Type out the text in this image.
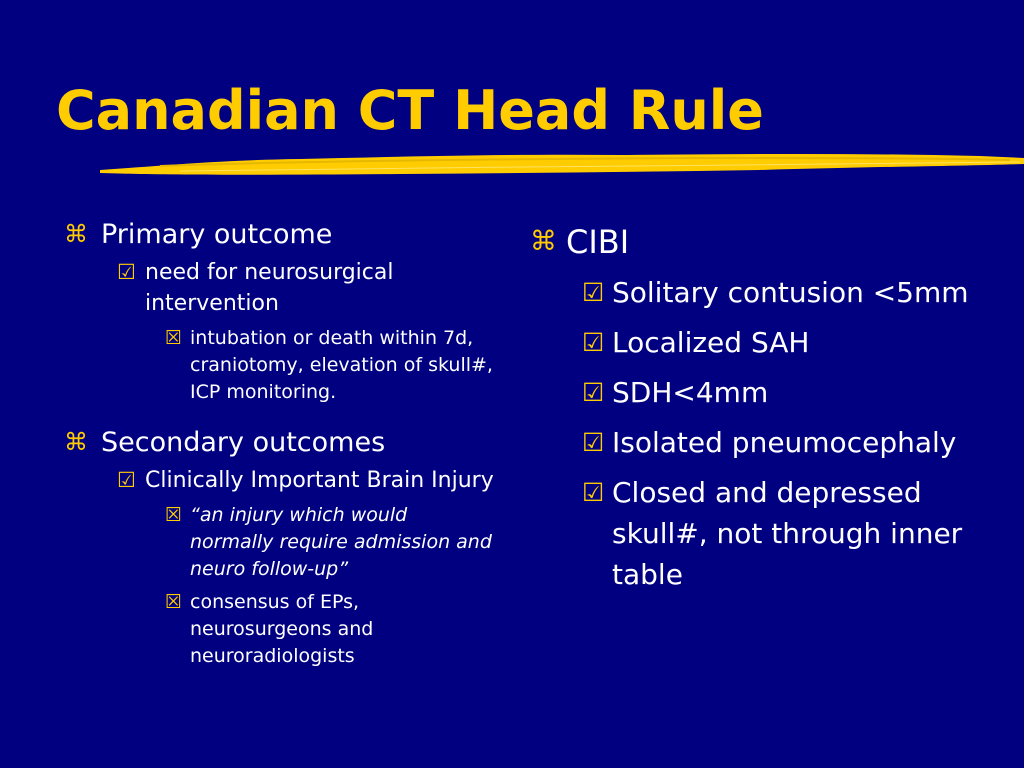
Canadian CT Head Rule
⌘ Primary outcome
☑ need for neurosurgical intervention
☒ intubation or death within 7d, craniotomy, elevation of skull#, ICP monitoring.
⌘ Secondary outcomes
☑ Clinically Important Brain Injury
☒ “an injury which would normally require admission and neuro follow-up”
☒ consensus of EPs, neurosurgeons and neuroradiologists
⌘ CIBI
☑ Solitary contusion <5mm
☑ Localized SAH
☑ SDH<4mm
☑ Isolated pneumocephaly
☑ Closed and depressed skull#, not through inner table
